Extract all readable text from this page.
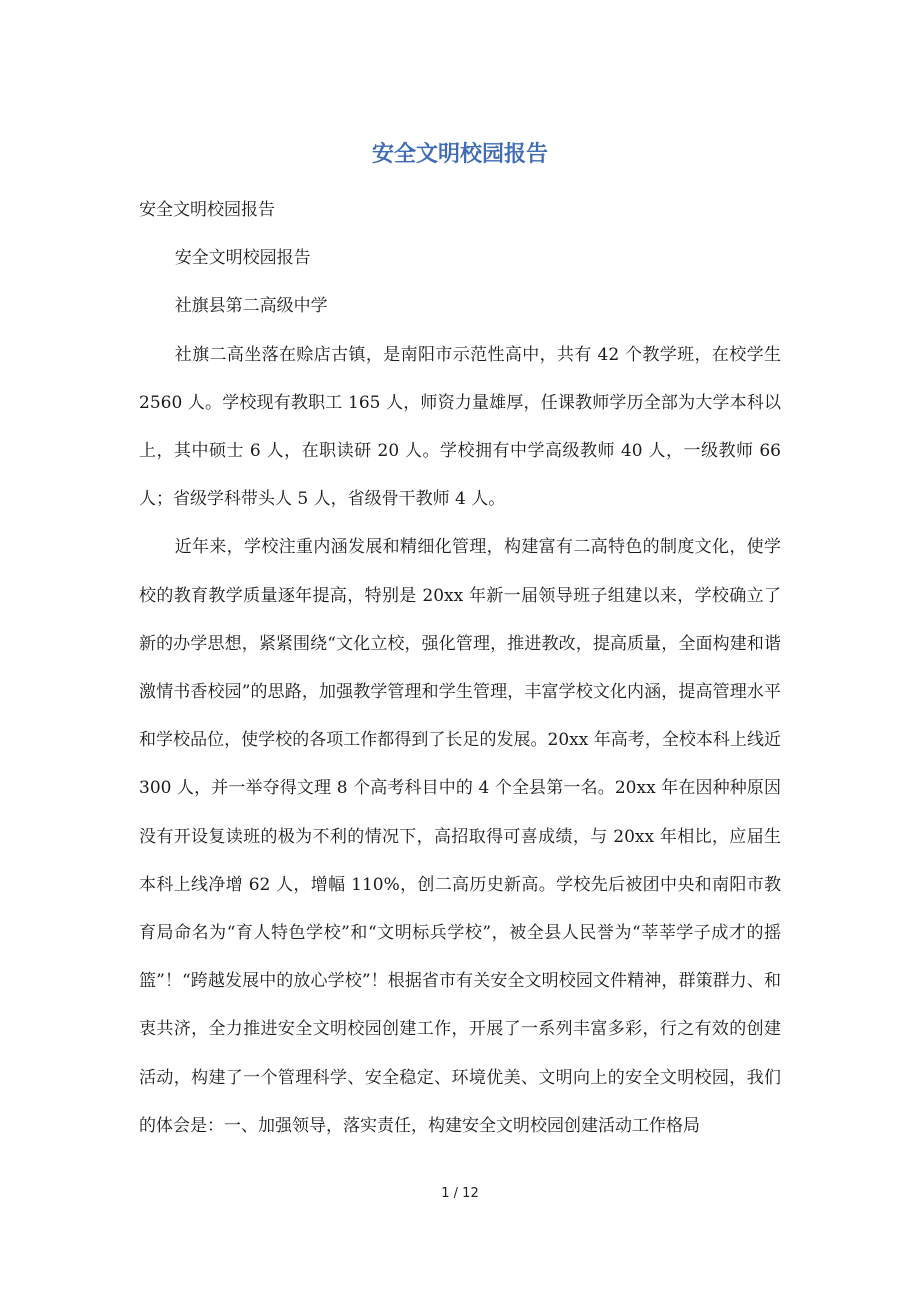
安全文明校园报告

安全文明校园报告

安全文明校园报告

社旗县第二高级中学

社旗二高坐落在赊店古镇，是南阳市示范性高中，共有 42 个教学班，在校学生 2560 人。学校现有教职工 165 人，师资力量雄厚，任课教师学历全部为大学本科以上，其中硕士 6 人，在职读研 20 人。学校拥有中学高级教师 40 人，一级教师 66 人；省级学科带头人 5 人，省级骨干教师 4 人。

近年来，学校注重内涵发展和精细化管理，构建富有二高特色的制度文化，使学校的教育教学质量逐年提高，特别是 20xx 年新一届领导班子组建以来，学校确立了新的办学思想，紧紧围绕“文化立校，强化管理，推进教改，提高质量，全面构建和谐激情书香校园”的思路，加强教学管理和学生管理，丰富学校文化内涵，提高管理水平和学校品位，使学校的各项工作都得到了长足的发展。20xx 年高考，全校本科上线近 300 人，并一举夺得文理 8 个高考科目中的 4 个全县第一名。20xx 年在因种种原因没有开设复读班的极为不利的情况下，高招取得可喜成绩，与 20xx 年相比，应届生本科上线净增 62 人，增幅 110%，创二高历史新高。学校先后被团中央和南阳市教育局命名为“育人特色学校”和“文明标兵学校”，被全县人民誉为“莘莘学子成才的摇篮”！“跨越发展中的放心学校”！根据省市有关安全文明校园文件精神，群策群力、和衷共济，全力推进安全文明校园创建工作，开展了一系列丰富多彩，行之有效的创建活动，构建了一个管理科学、安全稳定、环境优美、文明向上的安全文明校园，我们的体会是：一、加强领导，落实责任，构建安全文明校园创建活动工作格局

1 / 12
